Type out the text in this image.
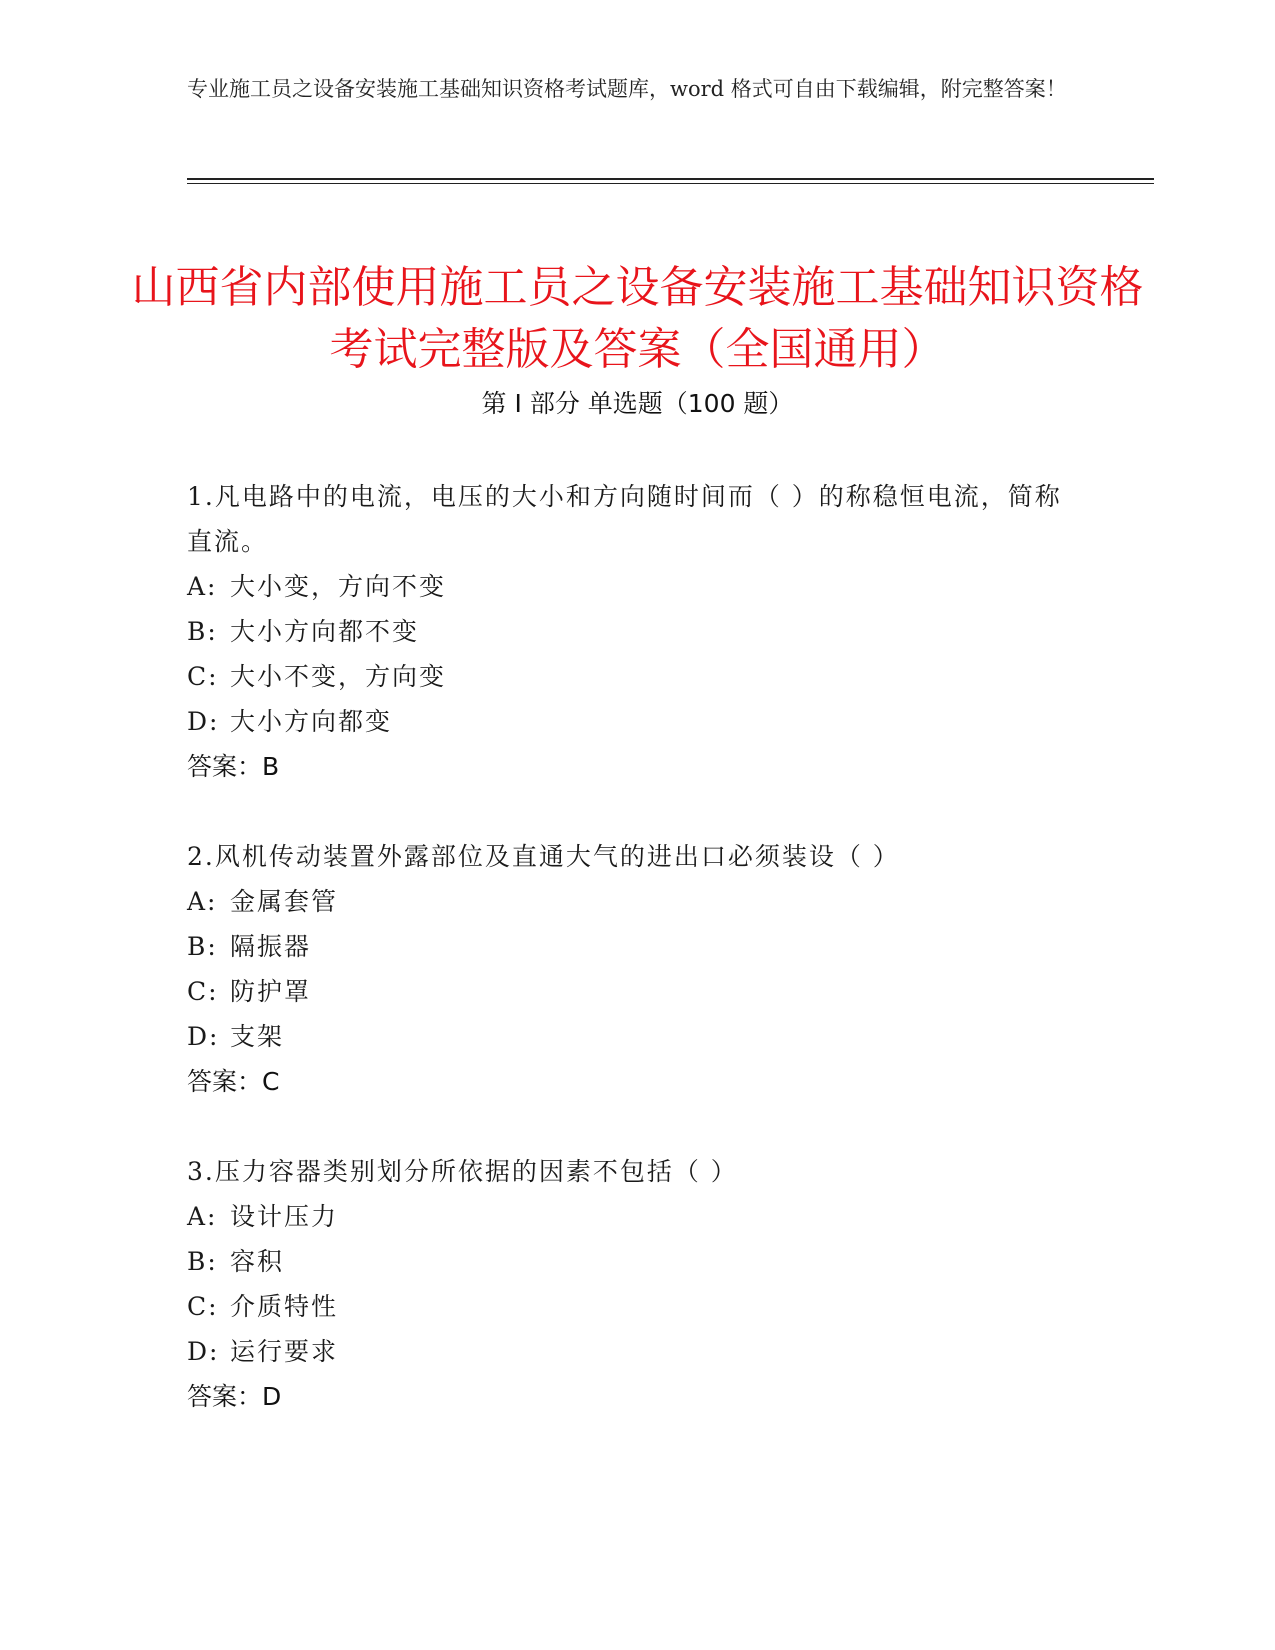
专业施工员之设备安装施工基础知识资格考试题库，word 格式可自由下载编辑，附完整答案！
山西省内部使用施工员之设备安装施工基础知识资格考试完整版及答案（全国通用）
第 I 部分 单选题（100 题）
1.凡电路中的电流，电压的大小和方向随时间而（ ）的称稳恒电流，简称直流。
A: 大小变，方向不变
B: 大小方向都不变
C: 大小不变，方向变
D: 大小方向都变
答案：B
2.风机传动装置外露部位及直通大气的进出口必须装设（ ）
A: 金属套管
B: 隔振器
C: 防护罩
D: 支架
答案：C
3.压力容器类别划分所依据的因素不包括（ ）
A: 设计压力
B: 容积
C: 介质特性
D: 运行要求
答案：D
